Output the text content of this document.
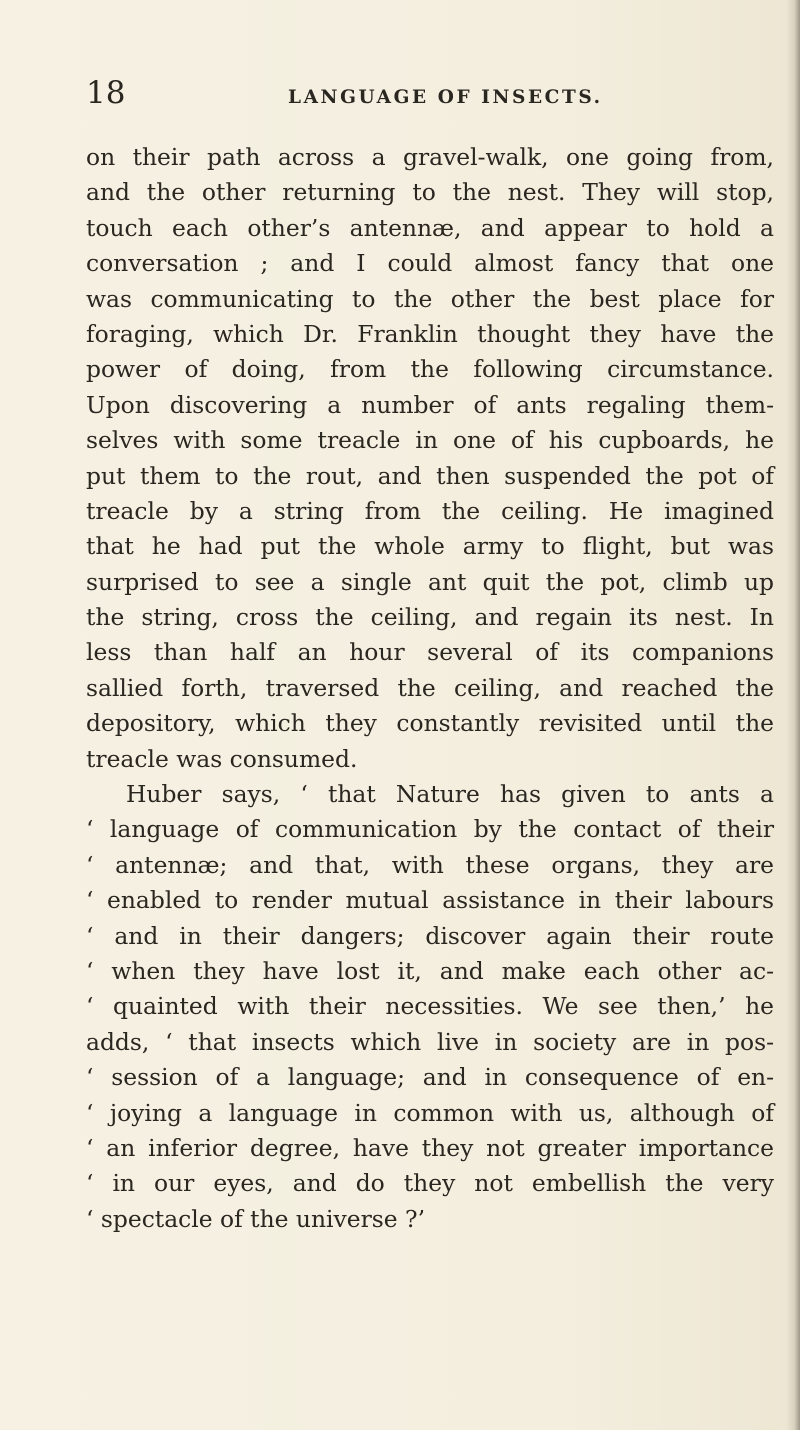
18	LANGUAGE OF INSECTS.
on their path across a gravel-walk, one going from,
and the other returning to the nest. They will stop,
touch each other’s antennæ, and appear to hold a
conversation ; and I could almost fancy that one
was communicating to the other the best place for
foraging, which Dr. Franklin thought they have the
power of doing, from the following circumstance.
Upon discovering a number of ants regaling them-
selves with some treacle in one of his cupboards, he
put them to the rout, and then suspended the pot of
treacle by a string from the ceiling. He imagined
that he had put the whole army to flight, but was
surprised to see a single ant quit the pot, climb up
the string, cross the ceiling, and regain its nest. In
less than half an hour several of its companions
sallied forth, traversed the ceiling, and reached the
depository, which they constantly revisited until the
treacle was consumed.
Huber says, ‘ that Nature has given to ants a
‘ language of communication by the contact of their
‘ antennæ; and that, with these organs, they are
‘ enabled to render mutual assistance in their labours
‘ and in their dangers; discover again their route
‘ when they have lost it, and make each other ac-
‘ quainted with their necessities. We see then,’ he
adds, ‘ that insects which live in society are in pos-
‘ session of a language; and in consequence of en-
‘ joying a language in common with us, although of
‘ an inferior degree, have they not greater importance
‘ in our eyes, and do they not embellish the very
‘ spectacle of the universe ?’
